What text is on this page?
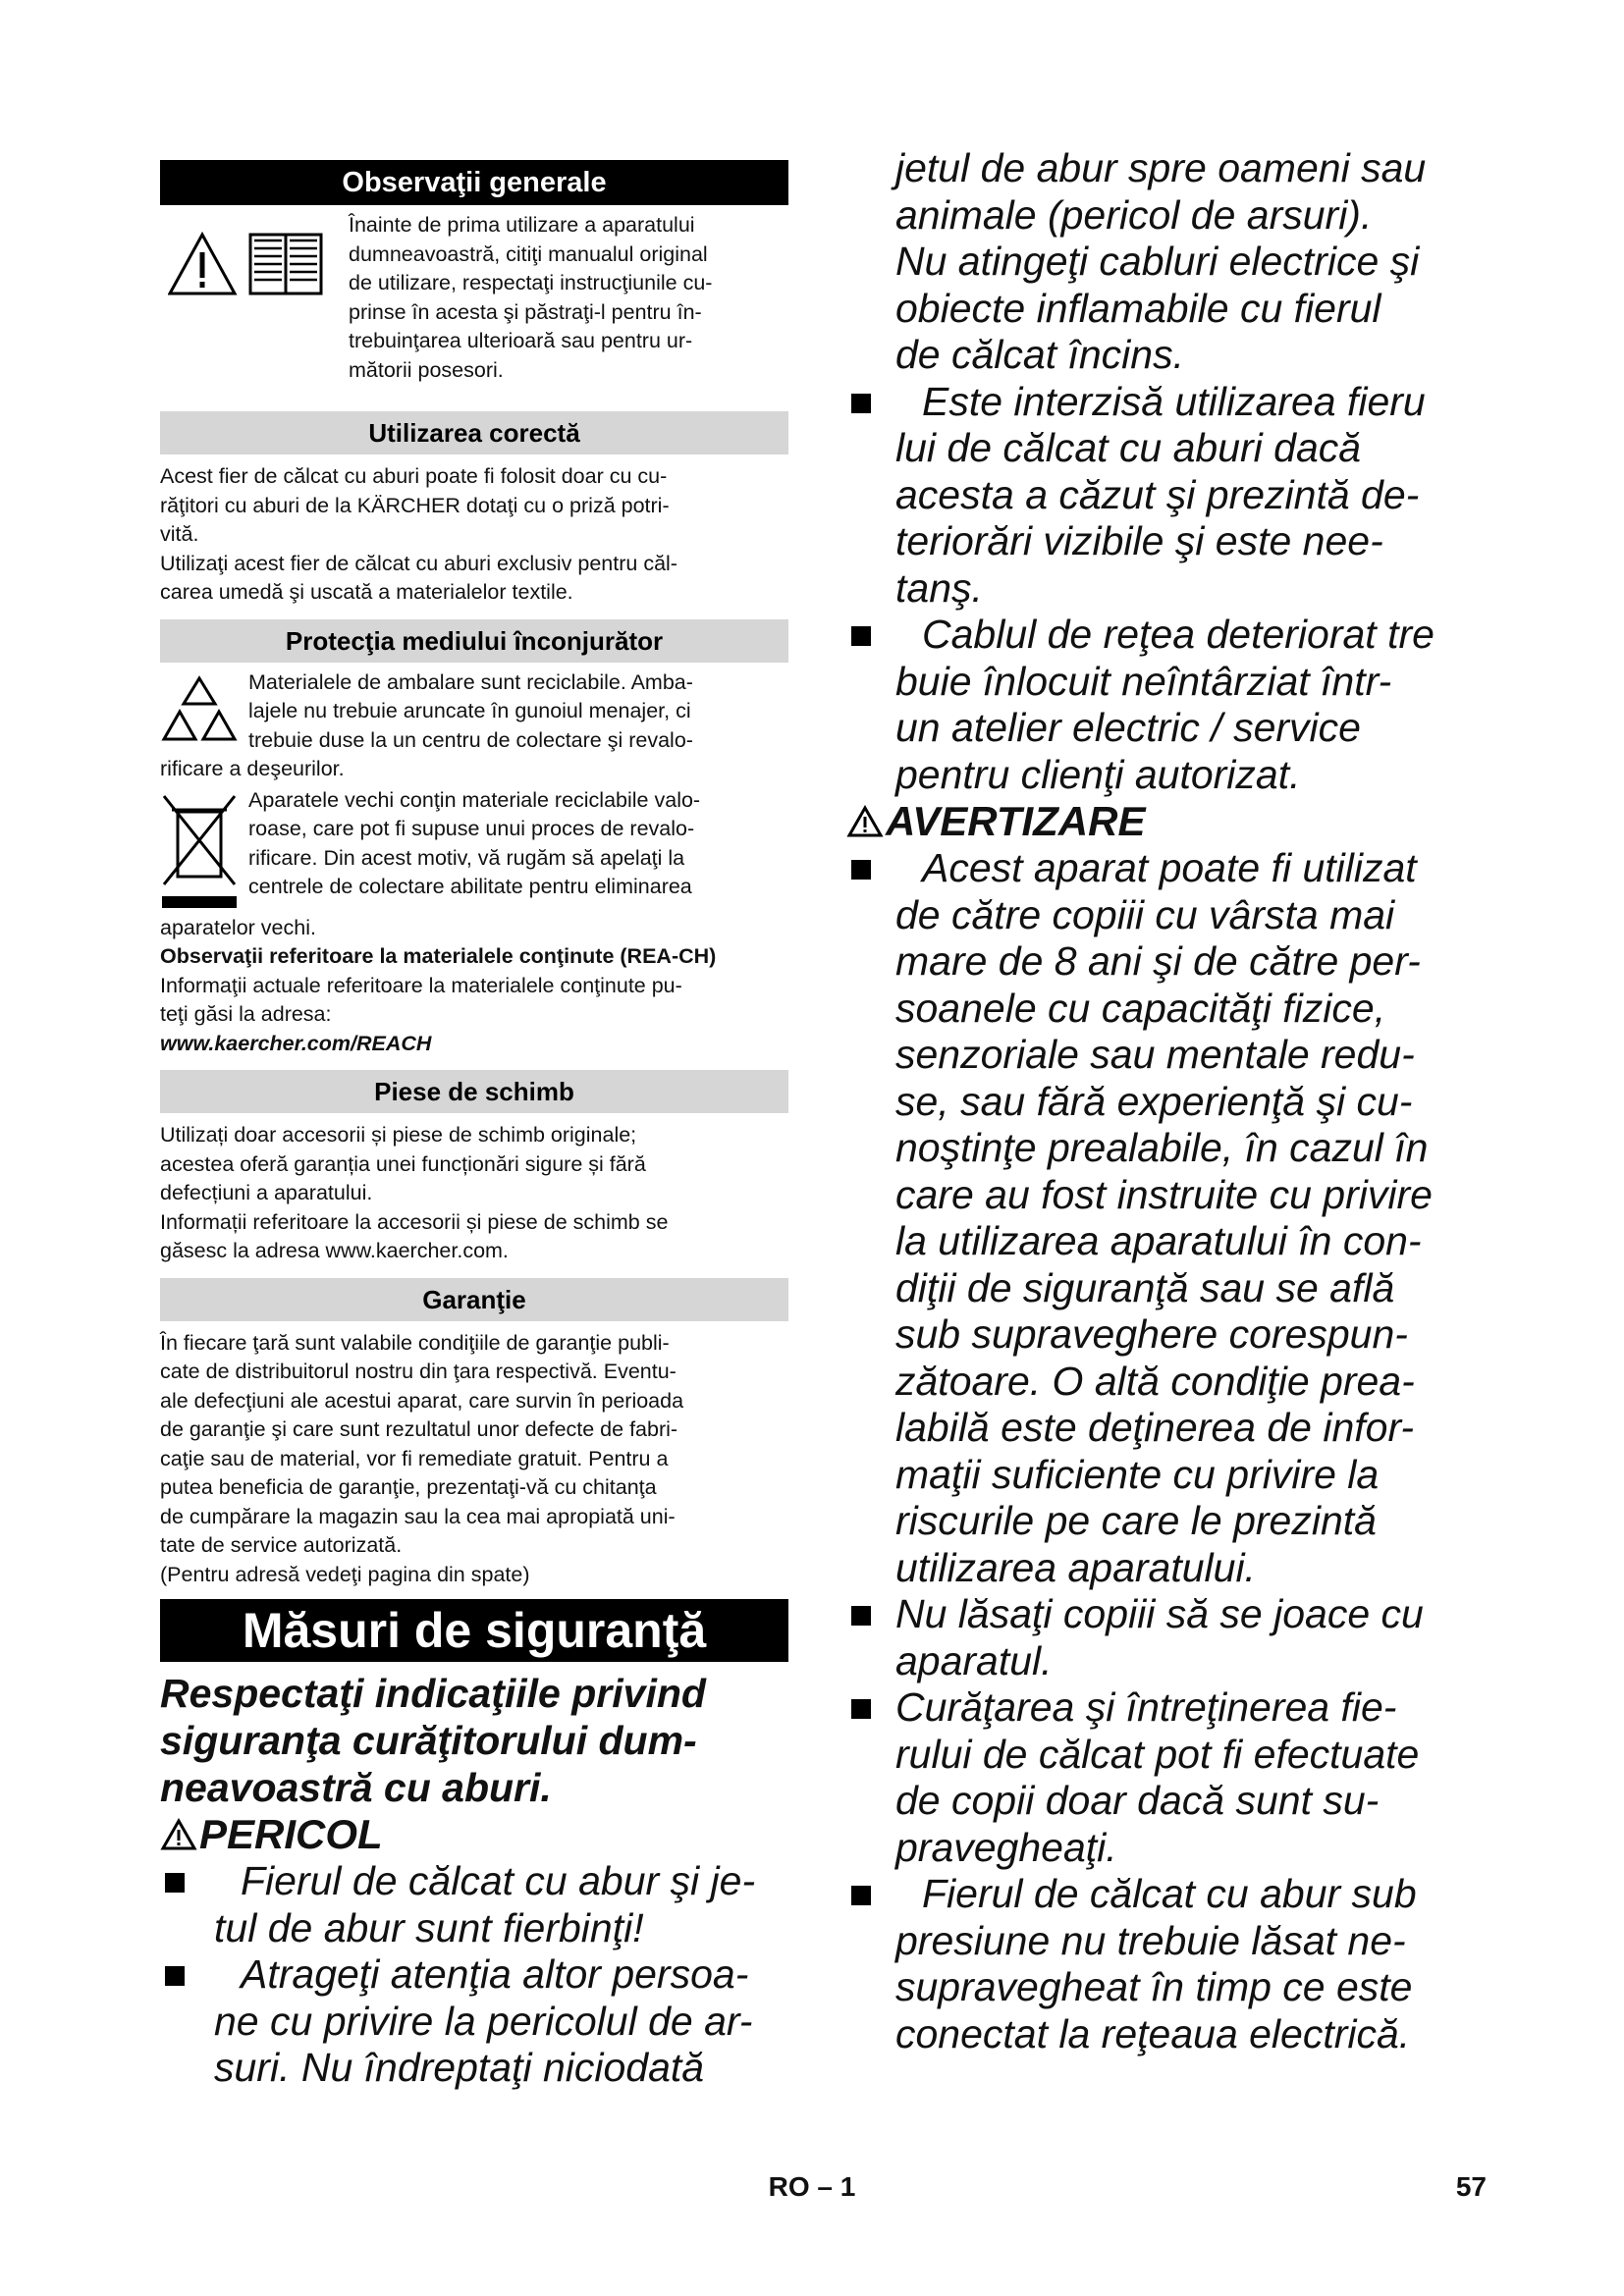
Observaţii generale

Înainte de prima utilizare a aparatului

dumneavoastră, citiţi manualul original

de utilizare, respectaţi instrucţiunile cu-

prinse în acesta şi păstraţi-l pentru în-

trebuinţarea ulterioară sau pentru ur-

mătorii posesori.

Utilizarea corectă

Acest fier de călcat cu aburi poate fi folosit doar cu cu-

răţitori cu aburi de la KÄRCHER dotaţi cu o priză potri-

vită.

Utilizaţi acest fier de călcat cu aburi exclusiv pentru căl-

carea umedă şi uscată a materialelor textile.

Protecţia mediului înconjurător

Materialele de ambalare sunt reciclabile. Amba-

lajele nu trebuie aruncate în gunoiul menajer, ci

trebuie duse la un centru de colectare şi revalo-

rificare a deşeurilor.

Aparatele vechi conţin materiale reciclabile valo-

roase, care pot fi supuse unui proces de revalo-

rificare. Din acest motiv, vă rugăm să apelaţi la

centrele de colectare abilitate pentru eliminarea

aparatelor vechi.

Observaţii referitoare la materialele conţinute (REA-CH)

Informaţii actuale referitoare la materialele conţinute pu-

teţi găsi la adresa:

www.kaercher.com/REACH

Piese de schimb

Utilizați doar accesorii și piese de schimb originale;

acestea oferă garanția unei funcționări sigure și fără

defecțiuni a aparatului.

Informații referitoare la accesorii și piese de schimb se

găsesc la adresa www.kaercher.com.

Garanţie

În fiecare ţară sunt valabile condiţiile de garanţie publi-

cate de distribuitorul nostru din ţara respectivă. Eventu-

ale defecţiuni ale acestui aparat, care survin în perioada

de garanţie şi care sunt rezultatul unor defecte de fabri-

caţie sau de material, vor fi remediate gratuit. Pentru a

putea beneficia de garanţie, prezentaţi-vă cu chitanţa

de cumpărare la magazin sau la cea mai apropiată uni-

tate de service autorizată.

(Pentru adresă vedeţi pagina din spate)

Măsuri de siguranţă
Respectaţi indicaţiile privind
siguranţa curăţitorului dum-
neavoastră cu aburi.
PERICOL
Fierul de călcat cu abur şi je-
tul de abur sunt fierbinţi!
Atrageţi atenţia altor persoa-
ne cu privire la pericolul de ar-
suri. Nu îndreptaţi niciodată
jetul de abur spre oameni sau
animale (pericol de arsuri).
Nu atingeţi cabluri electrice şi
obiecte inflamabile cu fierul
de călcat încins.
Este interzisă utilizarea fieru
lui de călcat cu aburi dacă
acesta a căzut şi prezintă de-
teriorări vizibile şi este nee-
tanş.
Cablul de reţea deteriorat tre
buie înlocuit neîntârziat într-
un atelier electric / service
pentru clienţi autorizat.
AVERTIZARE
Acest aparat poate fi utilizat
de către copiii cu vârsta mai
mare de 8 ani şi de către per-
soanele cu capacităţi fizice,
senzoriale sau mentale redu-
se, sau fără experienţă şi cu-
noştinţe prealabile, în cazul în
care au fost instruite cu privire
la utilizarea aparatului în con-
diţii de siguranţă sau se află
sub supraveghere corespun-
zătoare. O altă condiţie prea-
labilă este deţinerea de infor-
maţii suficiente cu privire la
riscurile pe care le prezintă
utilizarea aparatului.
Nu lăsaţi copiii să se joace cu
aparatul.
Curăţarea şi întreţinerea fie-
rului de călcat pot fi efectuate
de copii doar dacă sunt su-
pravegheaţi.
Fierul de călcat cu abur sub
presiune nu trebuie lăsat ne-
supravegheat în timp ce este
conectat la reţeaua electrică.
RO – 1	57
